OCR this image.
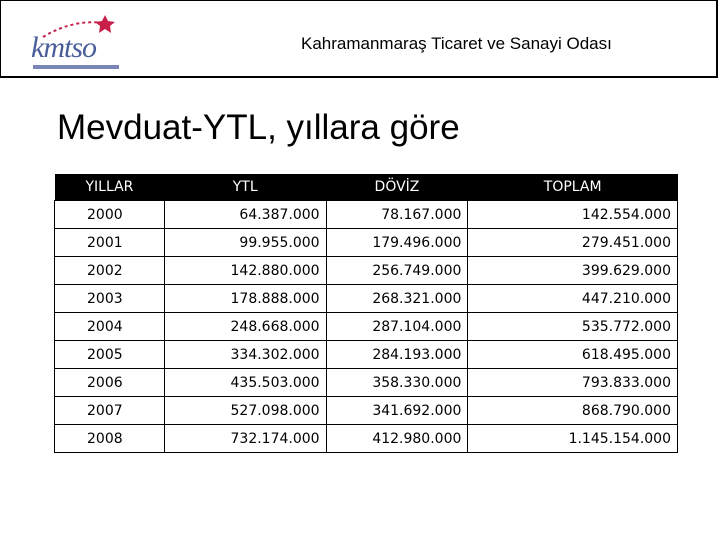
kmtso	Kahramanmaraş Ticaret ve Sanayi Odası
Mevduat-YTL, yıllara göre
YILLAR	YTL	DÖVİZ	TOPLAM
2000	64.387.000	78.167.000	142.554.000
2001	99.955.000	179.496.000	279.451.000
2002	142.880.000	256.749.000	399.629.000
2003	178.888.000	268.321.000	447.210.000
2004	248.668.000	287.104.000	535.772.000
2005	334.302.000	284.193.000	618.495.000
2006	435.503.000	358.330.000	793.833.000
2007	527.098.000	341.692.000	868.790.000
2008	732.174.000	412.980.000	1.145.154.000
